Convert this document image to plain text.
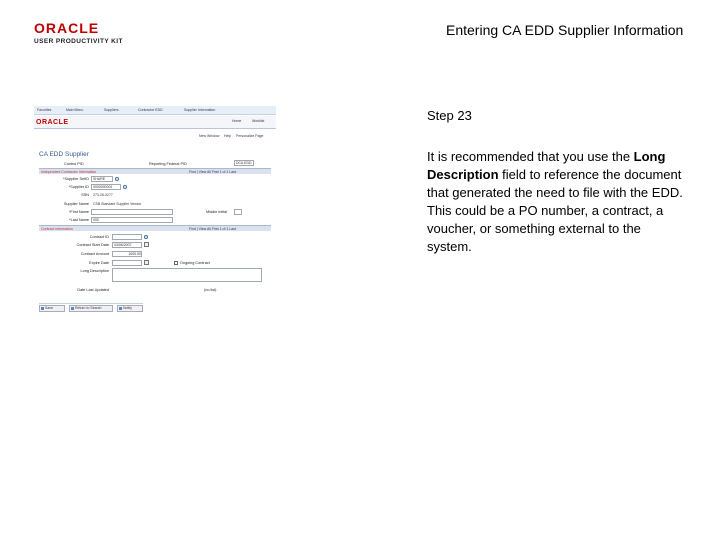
ORACLE
USER PRODUCTIVITY KIT
Entering CA EDD Supplier Information
Favorites	Main Menu	Suppliers	Contractor EDD	Supplier Information
ORACLE	Home	Worklist
New Window Help Personalize Page
CA EDD Supplier
Control PID	Reporting Federal PID	DCA EDD
Independent Contractor Information	Find | View All First 1 of 1 Last
*Supplier SetID	SHARE
*Supplier ID	0000000001
SSN	273-26-0277
Supplier Name	CSB Standard Supplier Vendor
*First Name	Middle Initial
*Last Name	000
Contract Information	Find | View All First 1 of 1 Last
Contract ID
Contract Start Date	03/06/2007
Contract Amount	1000.00
Expire Date	Ongoing Contract
Long Description
Date Last Updated	(no list)
Save	Return to Search	Notify
Step 23
It is recommended that you use the Long Description field to reference the document that generated the need to file with the EDD. This could be a PO number, a contract, a voucher, or something external to the system.
